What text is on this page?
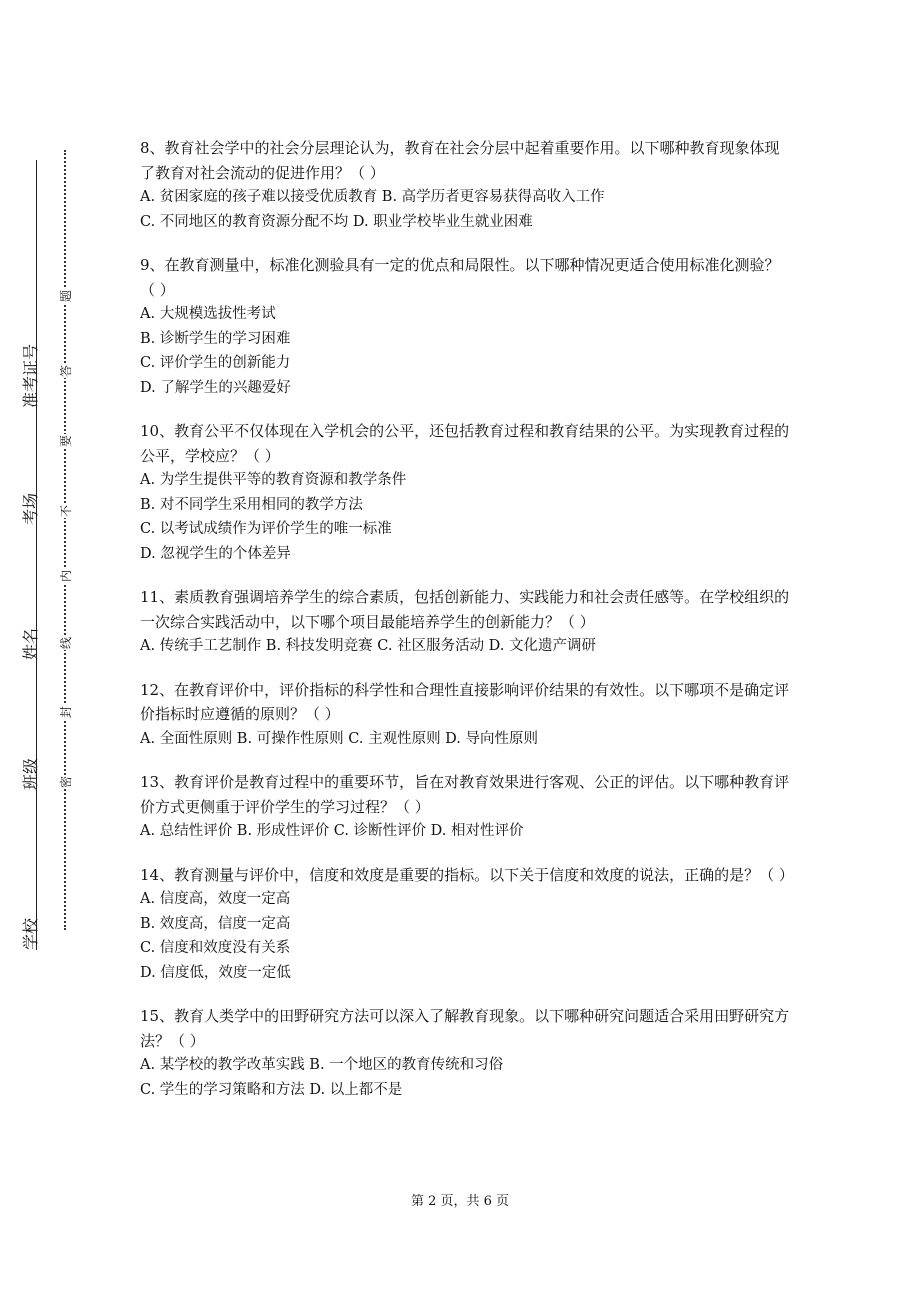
准考证号
考场
姓名
班级
学校
题
答
要
不
内
线
封
密

8、教育社会学中的社会分层理论认为，教育在社会分层中起着重要作用。以下哪种教育现象体现了教育对社会流动的促进作用？（ ）

A. 贫困家庭的孩子难以接受优质教育 B. 高学历者更容易获得高收入工作

C. 不同地区的教育资源分配不均 D. 职业学校毕业生就业困难

9、在教育测量中，标准化测验具有一定的优点和局限性。以下哪种情况更适合使用标准化测验？（ ）

A. 大规模选拔性考试

B. 诊断学生的学习困难

C. 评价学生的创新能力

D. 了解学生的兴趣爱好

10、教育公平不仅体现在入学机会的公平，还包括教育过程和教育结果的公平。为实现教育过程的公平，学校应？（ ）

A. 为学生提供平等的教育资源和教学条件

B. 对不同学生采用相同的教学方法

C. 以考试成绩作为评价学生的唯一标准

D. 忽视学生的个体差异

11、素质教育强调培养学生的综合素质，包括创新能力、实践能力和社会责任感等。在学校组织的一次综合实践活动中，以下哪个项目最能培养学生的创新能力？（ ）

A. 传统手工艺制作 B. 科技发明竞赛 C. 社区服务活动 D. 文化遗产调研

12、在教育评价中，评价指标的科学性和合理性直接影响评价结果的有效性。以下哪项不是确定评价指标时应遵循的原则？（ ）

A. 全面性原则 B. 可操作性原则 C. 主观性原则 D. 导向性原则

13、教育评价是教育过程中的重要环节，旨在对教育效果进行客观、公正的评估。以下哪种教育评价方式更侧重于评价学生的学习过程？（ ）

A. 总结性评价 B. 形成性评价 C. 诊断性评价 D. 相对性评价

14、教育测量与评价中，信度和效度是重要的指标。以下关于信度和效度的说法，正确的是？（ ）

A. 信度高，效度一定高

B. 效度高，信度一定高

C. 信度和效度没有关系

D. 信度低，效度一定低

15、教育人类学中的田野研究方法可以深入了解教育现象。以下哪种研究问题适合采用田野研究方法？（ ）

A. 某学校的教学改革实践 B. 一个地区的教育传统和习俗

C. 学生的学习策略和方法 D. 以上都不是

第 2 页，共 6 页
